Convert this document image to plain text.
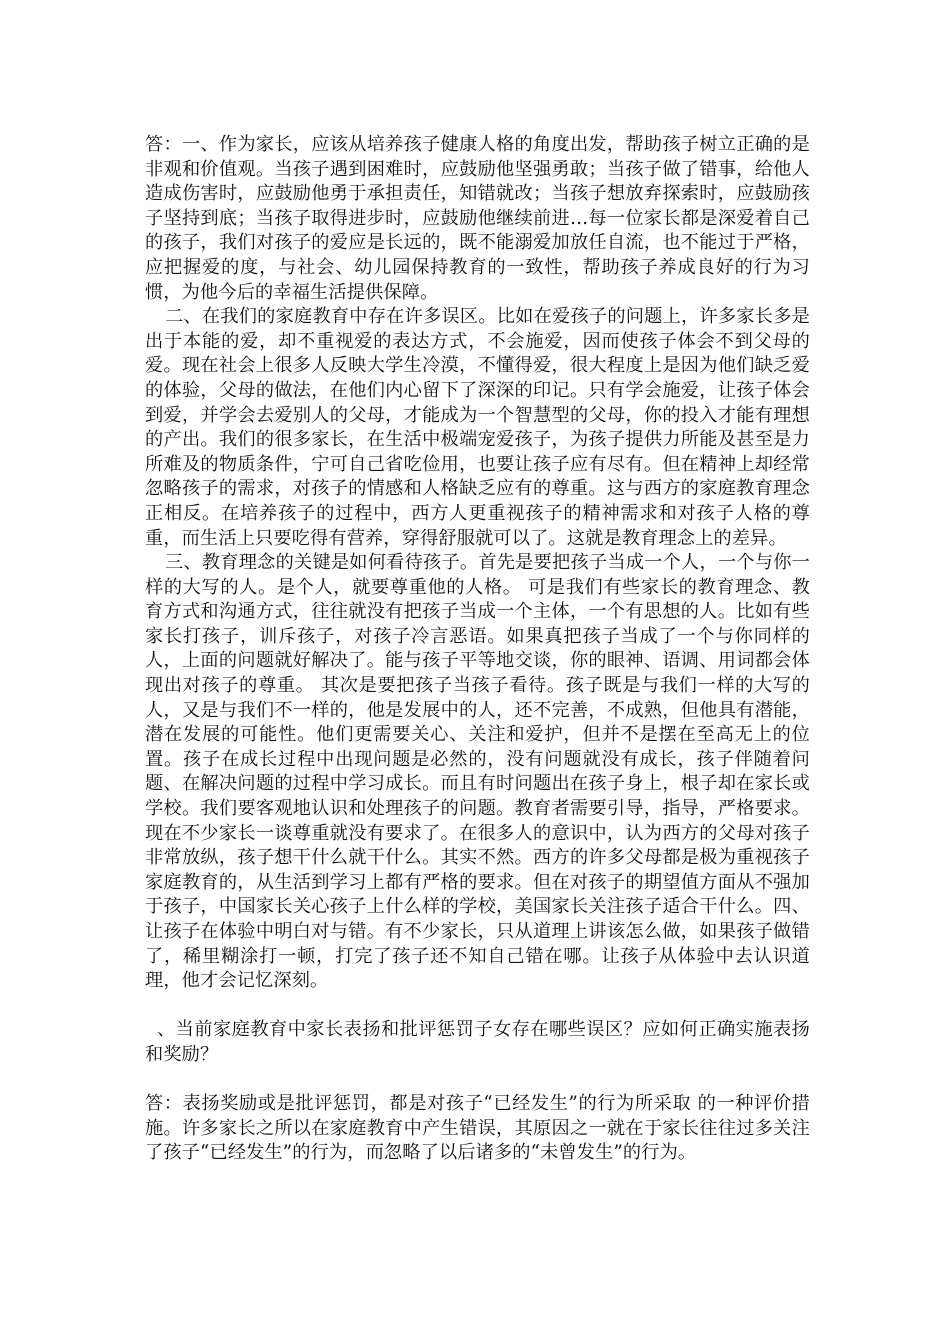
答：一、作为家长，应该从培养孩子健康人格的角度出发，帮助孩子树立正确的是非观和价值观。当孩子遇到困难时，应鼓励他坚强勇敢；当孩子做了错事，给他人造成伤害时，应鼓励他勇于承担责任，知错就改；当孩子想放弃探索时，应鼓励孩子坚持到底；当孩子取得进步时，应鼓励他继续前进…每一位家长都是深爱着自己的孩子，我们对孩子的爱应是长远的，既不能溺爱加放任自流，也不能过于严格，应把握爱的度，与社会、幼儿园保持教育的一致性，帮助孩子养成良好的行为习惯，为他今后的幸福生活提供保障。

二、在我们的家庭教育中存在许多误区。比如在爱孩子的问题上，许多家长多是出于本能的爱，却不重视爱的表达方式，不会施爱，因而使孩子体会不到父母的爱。现在社会上很多人反映大学生冷漠，不懂得爱，很大程度上是因为他们缺乏爱的体验，父母的做法，在他们内心留下了深深的印记。只有学会施爱，让孩子体会到爱，并学会去爱别人的父母，才能成为一个智慧型的父母，你的投入才能有理想的产出。我们的很多家长，在生活中极端宠爱孩子，为孩子提供力所能及甚至是力所难及的物质条件，宁可自己省吃俭用，也要让孩子应有尽有。但在精神上却经常忽略孩子的需求，对孩子的情感和人格缺乏应有的尊重。这与西方的家庭教育理念正相反。在培养孩子的过程中，西方人更重视孩子的精神需求和对孩子人格的尊重，而生活上只要吃得有营养，穿得舒服就可以了。这就是教育理念上的差异。

三、教育理念的关键是如何看待孩子。首先是要把孩子当成一个人，一个与你一样的大写的人。是个人，就要尊重他的人格。 可是我们有些家长的教育理念、教育方式和沟通方式，往往就没有把孩子当成一个主体，一个有思想的人。比如有些家长打孩子，训斥孩子，对孩子冷言恶语。如果真把孩子当成了一个与你同样的人，上面的问题就好解决了。能与孩子平等地交谈，你的眼神、语调、用词都会体现出对孩子的尊重。 其次是要把孩子当孩子看待。孩子既是与我们一样的大写的人，又是与我们不一样的，他是发展中的人，还不完善，不成熟，但他具有潜能，潜在发展的可能性。他们更需要关心、关注和爱护，但并不是摆在至高无上的位置。孩子在成长过程中出现问题是必然的，没有问题就没有成长，孩子伴随着问题、在解决问题的过程中学习成长。而且有时问题出在孩子身上，根子却在家长或学校。我们要客观地认识和处理孩子的问题。教育者需要引导，指导，严格要求。现在不少家长一谈尊重就没有要求了。在很多人的意识中，认为西方的父母对孩子非常放纵，孩子想干什么就干什么。其实不然。西方的许多父母都是极为重视孩子家庭教育的，从生活到学习上都有严格的要求。但在对孩子的期望值方面从不强加于孩子，中国家长关心孩子上什么样的学校，美国家长关注孩子适合干什么。四、让孩子在体验中明白对与错。有不少家长，只从道理上讲该怎么做，如果孩子做错了，稀里糊涂打一顿，打完了孩子还不知自己错在哪。让孩子从体验中去认识道理，他才会记忆深刻。

、当前家庭教育中家长表扬和批评惩罚子女存在哪些误区？应如何正确实施表扬和奖励？

答：表扬奖励或是批评惩罚，都是对孩子“已经发生”的行为所采取 的一种评价措施。许多家长之所以在家庭教育中产生错误，其原因之一就在于家长往往过多关注了孩子“已经发生”的行为，而忽略了以后诸多的“未曾发生”的行为。
